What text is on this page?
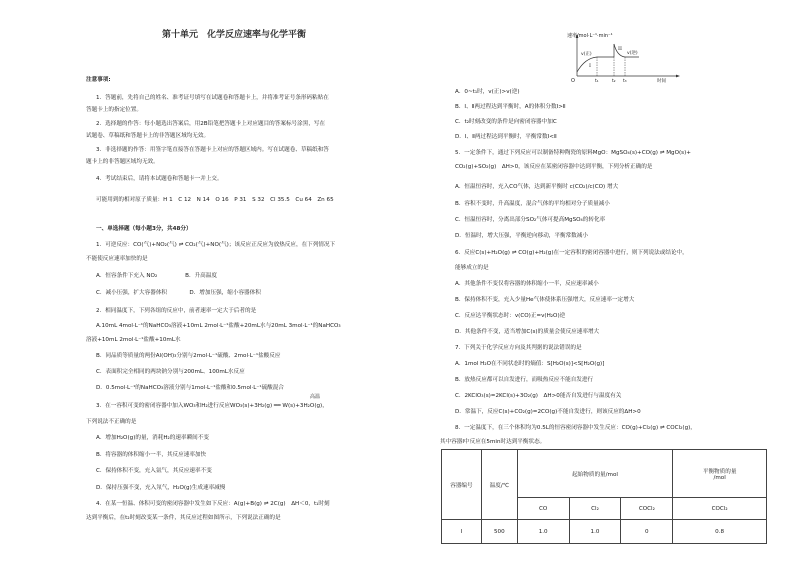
第十单元　化学反应速率与化学平衡
注意事项:
1．答题前，先将自己的姓名、准考证号填写在试题卷和答题卡上，并将准考证号条形码粘贴在
答题卡上的指定位置。
2．选择题的作答：每小题选出答案后，用2B铅笔把答题卡上对应题目的答案标号涂黑，写在
试题卷、草稿纸和答题卡上的非答题区域均无效。
3．非选择题的作答：用签字笔直接答在答题卡上对应的答题区域内。写在试题卷、草稿纸和答
题卡上的非答题区域均无效。
4．考试结束后，请将本试题卷和答题卡一并上交。
可能用到的相对原子质量：H 1　C 12　N 14　O 16　P 31　S 32　Cl 35.5　Cu 64　Zn 65
一、单选择题（每小题3分，共48分）
1．可逆反应：CO(气)+NO₂(气) ⇌ CO₂(气)+NO(气)；该反应正反应为放热反应，在下列情况下
不能使反应速率加快的是
A．恒容条件下充入 NO₂　　　　　B．升高温度
C．减小压强，扩大容器体积　　　　D．增加压强，缩小容器体积
2．相同温度下，下列各组的反应中，前者速率一定大于后者的是
A.10mL 4mol·L⁻¹的NaHCO₃溶液+10mL 2mol·L⁻¹盐酸+20mL水与20mL 3mol·L⁻¹的NaHCO₃
溶液+10mL 2mol·L⁻¹盐酸+10mL水
B．同品质等质量的两份Al(OH)₃分别与2mol·L⁻¹硫酸、2mol·L⁻¹盐酸反应
C．表面积完全相同的两块钠分别与200mL、100mL水反应
D．0.5mol·L⁻¹的NaHCO₃溶液分别与1mol·L⁻¹盐酸和0.5mol·L⁻¹硫酸混合
高温
3．在一容积可变的密闭容器中加入WO₃和H₂进行反应WO₃(s)+3H₂(g) ══ W(s)+3H₂O(g)，
下列说法不正确的是
A．增加H₂O(g)的量，消耗H₂的速率瞬间不变
B．将容器的体积缩小一半，其反应速率加快
C．保持体积不变，充入氩气，其反应速率不变
D．保持压强不变，充入氖气，H₂O(g)生成速率减慢
4．在某一恒温、体积可变的密闭容器中发生如下反应：A(g)+B(g) ⇌ 2C(g)　ΔH＜0，t₁时刻
达到平衡后，在t₂时刻改变某一条件，其反应过程如图所示，下列说法正确的是
速率/mol·L⁻¹·min⁻¹
v(正)	v(逆)
I
II
O	t₁	t₂ t₃	时间
A．0~t₁时，v(正)>v(逆)
B．Ⅰ、Ⅱ两过程达到平衡时，A的体积分数Ⅰ>Ⅱ
C．t₂时刻改变的条件是向密闭容器中加C
D．Ⅰ、Ⅱ两过程达到平衡时，平衡常数Ⅰ<Ⅱ
5．一定条件下，通过下列反应可以制备特种陶瓷的原料MgO：MgSO₄(s)+CO(g) ⇌ MgO(s)+
CO₂(g)+SO₂(g)　ΔH>0，该反应在某密闭容器中达到平衡，下列分析正确的是
A．恒温恒容时，充入CO气体，达到新平衡时 c(CO₂)/c(CO) 增大
B．容积不变时，升高温度，混合气体的平均相对分子质量减小
C．恒温恒容时，分离出部分SO₂气体可提高MgSO₄的转化率
D．恒温时，增大压强，平衡逆向移动，平衡常数减小
6．反应C(s)+H₂O(g) ⇌ CO(g)+H₂(g)在一定容积的密闭容器中进行，则下列说法或结论中，
能够成立的是
A．其他条件不变仅将容器的体积缩小一半，反应速率减小
B．保持体积不变，充入少量He气体使体系压强增大，反应速率一定增大
C．反应达平衡状态时：v(CO)正=v(H₂O)逆
D．其他条件不变，适当增加C(s)的质量会使反应速率增大
7．下列关于化学反应方向及其判据的说法错误的是
A．1mol H₂O在不同状态时的熵值：S[H₂O(s)]<S[H₂O(g)]
B．放热反应都可以自发进行，而吸热反应不能自发进行
C．2KClO₃(s)=2KCl(s)+3O₂(g)　ΔH>0能否自发进行与温度有关
D．常温下，反应C(s)+CO₂(g)=2CO(g)不能自发进行，则该反应的ΔH>0
8．一定温度下，在三个体积均为0.5L的恒容密闭容器中发生反应：CO(g)+Cl₂(g) ⇌ COCl₂(g)，
其中容器Ⅰ中反应在5min时达到平衡状态。
容器编号	温度/℃	起始物质的量/mol			平衡物质的量
/mol

		CO	Cl₂	COCl₂	COCl₂
Ⅰ	500	1.0	1.0	0	0.8
